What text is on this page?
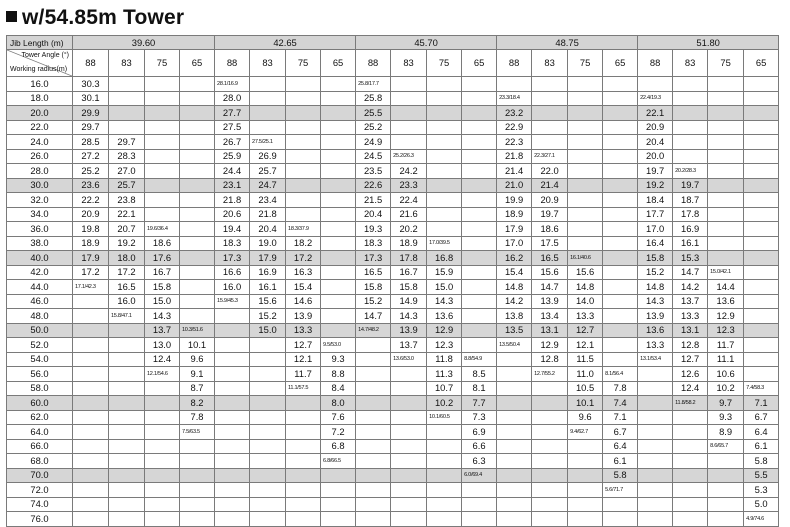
w/54.85m Tower
Jib Length (m)	39.60				42.65				45.70				48.75				51.80			

Tower Angle (°)
Working radius(m)	88	83	75	65	88	83	75	65	88	83	75	65	88	83	75	65	88	83	75	65
16.0	30.3				28.1/16.9				25.8/17.7											
18.0	30.1				28.0				25.8				23.3/18.4				22.4/19.3			
20.0	29.9				27.7				25.5				23.2				22.1			
22.0	29.7				27.5				25.2				22.9				20.9			
24.0	28.5	29.7			26.7	27.5/25.1			24.9				22.3				20.4			
26.0	27.2	28.3			25.9	26.9			24.5	25.2/26.3			21.8	22.3/27.1			20.0			
28.0	25.2	27.0			24.4	25.7			23.5	24.2			21.4	22.0			19.7	20.2/28.3		
30.0	23.6	25.7			23.1	24.7			22.6	23.3			21.0	21.4			19.2	19.7		
32.0	22.2	23.8			21.8	23.4			21.5	22.4			19.9	20.9			18.4	18.7		
34.0	20.9	22.1			20.6	21.8			20.4	21.6			18.9	19.7			17.7	17.8		
36.0	19.8	20.7	19.6/36.4		19.4	20.4	18.3/37.9		19.3	20.2			17.9	18.6			17.0	16.9		
38.0	18.9	19.2	18.6		18.3	19.0	18.2		18.3	18.9	17.0/39.5		17.0	17.5			16.4	16.1		
40.0	17.9	18.0	17.6		17.3	17.9	17.2		17.3	17.8	16.8		16.2	16.5	16.1/40.6		15.8	15.3		
42.0	17.2	17.2	16.7		16.6	16.9	16.3		16.5	16.7	15.9		15.4	15.6	15.6		15.2	14.7	15.0/42.1	
44.0	17.1/42.3	16.5	15.8		16.0	16.1	15.4		15.8	15.8	15.0		14.8	14.7	14.8		14.8	14.2	14.4	
46.0		16.0	15.0		15.9/45.3	15.6	14.6		15.2	14.9	14.3		14.2	13.9	14.0		14.3	13.7	13.6	
48.0		15.8/47.1	14.3			15.2	13.9		14.7	14.3	13.6		13.8	13.4	13.3		13.9	13.3	12.9	
50.0			13.7	10.3/51.6		15.0	13.3		14.7/48.2	13.9	12.9		13.5	13.1	12.7		13.6	13.1	12.3	
52.0			13.0	10.1			12.7	9.5/53.0		13.7	12.3		13.5/50.4	12.9	12.1		13.3	12.8	11.7	
54.0			12.4	9.6			12.1	9.3		13.6/53.0	11.8	8.8/54.9		12.8	11.5		13.1/53.4	12.7	11.1	
56.0			12.1/54.6	9.1			11.7	8.8			11.3	8.5		12.7/55.2	11.0	8.1/56.4		12.6	10.6	
58.0				8.7			11.1/57.5	8.4			10.7	8.1			10.5	7.8		12.4	10.2	7.4/58.3
60.0				8.2				8.0			10.2	7.7			10.1	7.4		11.8/58.2	9.7	7.1
62.0				7.8				7.6			10.1/60.5	7.3			9.6	7.1			9.3	6.7
64.0				7.5/63.5				7.2				6.9			9.4/62.7	6.7			8.9	6.4
66.0								6.8				6.6				6.4			8.6/65.7	6.1
68.0								6.8/66.5				6.3				6.1				5.8
70.0												6.0/69.4				5.8				5.5
72.0																5.6/71.7				5.3
74.0																				5.0
76.0																				4.9/74.6
